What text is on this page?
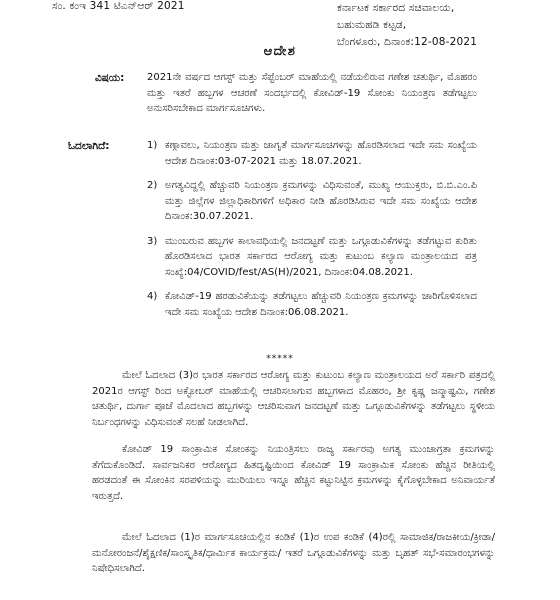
ಸಂ. ಕಂಇ 341 ಟಿಎನ್‌ಆರ್ 2021	ಕರ್ನಾಟಕ ಸರ್ಕಾರದ ಸಚಿವಾಲಯ,
ಬಹುಮಹಡಿ ಕಟ್ಟಡ,
ಬೆಂಗಳೂರು, ದಿನಾಂಕ:12-08-2021
ಆದೇಶ
ವಿಷಯ: 2021ನೇ ವರ್ಷದ ಆಗಸ್ಟ್ ಮತ್ತು ಸೆಪ್ಟೆಂಬರ್ ಮಾಹೆಯಲ್ಲಿ ನಡೆಯಲಿರುವ ಗಣೇಶ ಚತುರ್ಥಿ, ಮೊಹರಂ ಮತ್ತು ಇತರೆ ಹಬ್ಬಗಳ ಆಚರಣೆ ಸಂದರ್ಭದಲ್ಲಿ ಕೋವಿಡ್-19 ಸೋಂಕು ನಿಯಂತ್ರಣ ತಡೆಗಟ್ಟಲು ಅನುಸರಿಸಬೇಕಾದ ಮಾರ್ಗಸೂಚಿಗಳು.
ಓದಲಾಗಿದೆ:	1) ಕಣ್ಗಾವಲು, ನಿಯಂತ್ರಣ ಮತ್ತು ಜಾಗೃತೆ ಮಾರ್ಗಸೂಚಿಗಳನ್ನು ಹೊರಡಿಸಲಾದ ಇದೇ ಸಮ ಸಂಖ್ಯೆಯ ಆದೇಶ ದಿನಾಂಕ:03-07-2021 ಮತ್ತು 18.07.2021.
2) ಅಗತ್ಯವಿದ್ದಲ್ಲಿ ಹೆಚ್ಚುವರಿ ನಿಯಂತ್ರಣ ಕ್ರಮಗಳನ್ನು ವಿಧಿಸುವಂತೆ, ಮುಖ್ಯ ಆಯುಕ್ತರು, ಬಿ.ಬಿ.ಎಂ.ಪಿ ಮತ್ತು ಜಿಲ್ಲೆಗಳ ಜಿಲ್ಲಾಧಿಕಾರಿಗಳಿಗೆ ಅಧಿಕಾರ ನೀಡಿ ಹೊರಡಿಸಿರುವ ಇದೇ ಸಮ ಸಂಖ್ಯೆಯ ಆದೇಶ ದಿನಾಂಕ:30.07.2021.
3) ಮುಂಬರುವ ಹಬ್ಬಗಳ ಕಾಲಾವಧಿಯಲ್ಲಿ ಜನದಟ್ಟಣೆ ಮತ್ತು ಒಗ್ಗೂಡುವಿಕೆಗಳನ್ನು ತಡೆಗಟ್ಟುವ ಕುರಿತು ಹೊರಡಿಸಲಾದ ಭಾರತ ಸರ್ಕಾರದ ಆರೋಗ್ಯ ಮತ್ತು ಕುಟುಂಬ ಕಲ್ಯಾಣ ಮಂತ್ರಾಲಯದ ಪತ್ರ ಸಂಖ್ಯೆ:04/COVID/fest/AS(H)/2021, ದಿನಾಂಕ:04.08.2021.
4) ಕೋವಿಡ್-19 ಹರಡುವಿಕೆಯನ್ನು ತಡೆಗಟ್ಟಲು ಹೆಚ್ಚುವರಿ ನಿಯಂತ್ರಣ ಕ್ರಮಗಳನ್ನು ಜಾರಿಗೊಳಿಸಲಾದ ಇದೇ ಸಮ ಸಂಖ್ಯೆಯ ಆದೇಶ ದಿನಾಂಕ:06.08.2021.
*****

ಮೇಲೆ ಓದಲಾದ (3)ರ ಭಾರತ ಸರ್ಕಾರದ ಆರೋಗ್ಯ ಮತ್ತು ಕುಟುಂಬ ಕಲ್ಯಾಣ ಮಂತ್ರಾಲಯದ ಅರೆ ಸರ್ಕಾರಿ ಪತ್ರದಲ್ಲಿ 2021ರ ಆಗಸ್ಟ್ ರಿಂದ ಅಕ್ಟೋಬರ್ ಮಾಹೆಯಲ್ಲಿ ಆಚರಿಸಲಾಗುವ ಹಬ್ಬಗಳಾದ ಮೊಹರಂ, ಶ್ರೀ ಕೃಷ್ಣ ಜನ್ಮಾಷ್ಟಮಿ, ಗಣೇಶ ಚತುರ್ಥಿ, ದುರ್ಗಾ ಪೂಜೆ ಮೊದಲಾದ ಹಬ್ಬಗಳನ್ನು ಆಚರಿಸುವಾಗ ಜನದಟ್ಟಣೆ ಮತ್ತು ಒಗ್ಗೂಡುವಿಕೆಗಳನ್ನು ತಡೆಗಟ್ಟಲು ಸ್ಥಳೀಯ ನಿರ್ಬಂಧಗಳನ್ನು ವಿಧಿಸುವಂತೆ ಸಲಹೆ ನೀಡಲಾಗಿದೆ.

ಕೋವಿಡ್ 19 ಸಾಂಕ್ರಾಮಿಕ ಸೋಂಕನ್ನು ನಿಯಂತ್ರಿಸಲು ರಾಜ್ಯ ಸರ್ಕಾರವು ಅಗತ್ಯ ಮುಂಜಾಗ್ರತಾ ಕ್ರಮಗಳನ್ನು ತೆಗೆದುಕೊಂಡಿದೆ. ಸಾರ್ವಜನಿಕರ ಆರೋಗ್ಯದ ಹಿತದೃಷ್ಟಿಯಿಂದ ಕೋವಿಡ್ 19 ಸಾಂಕ್ರಾಮಿಕ ಸೋಂಕು ಹೆಚ್ಚಿನ ರೀತಿಯಲ್ಲಿ ಹರಡದಂತೆ ಈ ಸೋಂಕಿನ ಸರಪಳಿಯನ್ನು ಮುರಿಯಲು ಇನ್ನೂ ಹೆಚ್ಚಿನ ಕಟ್ಟುನಿಟ್ಟಿನ ಕ್ರಮಗಳನ್ನು ಕೈಗೊಳ್ಳಬೇಕಾದ ಅನಿವಾರ್ಯತೆ ಇರುತ್ತದೆ.

ಮೇಲೆ ಓದಲಾದ (1)ರ ಮಾರ್ಗಸೂಚಿಯಲ್ಲಿನ ಕಂಡಿಕೆ (1)ರ ಉಪ ಕಂಡಿಕೆ (4)ರಲ್ಲಿ ಸಾಮಾಜಿಕ/ರಾಜಕೀಯ/ಕ್ರೀಡಾ/ಮನೋರಂಜನೆ/ಶೈಕ್ಷಣಿಕ/ಸಾಂಸ್ಕೃತಿಕ/ಧಾರ್ಮಿಕ ಕಾರ್ಯಕ್ರಮ/ ಇತರೆ ಒಗ್ಗೂಡುವಿಕೆಗಳನ್ನು ಮತ್ತು ಬೃಹತ್ ಸಭೆ-ಸಮಾರಂಭಗಳನ್ನು ನಿಷೇಧಿಸಲಾಗಿದೆ.
